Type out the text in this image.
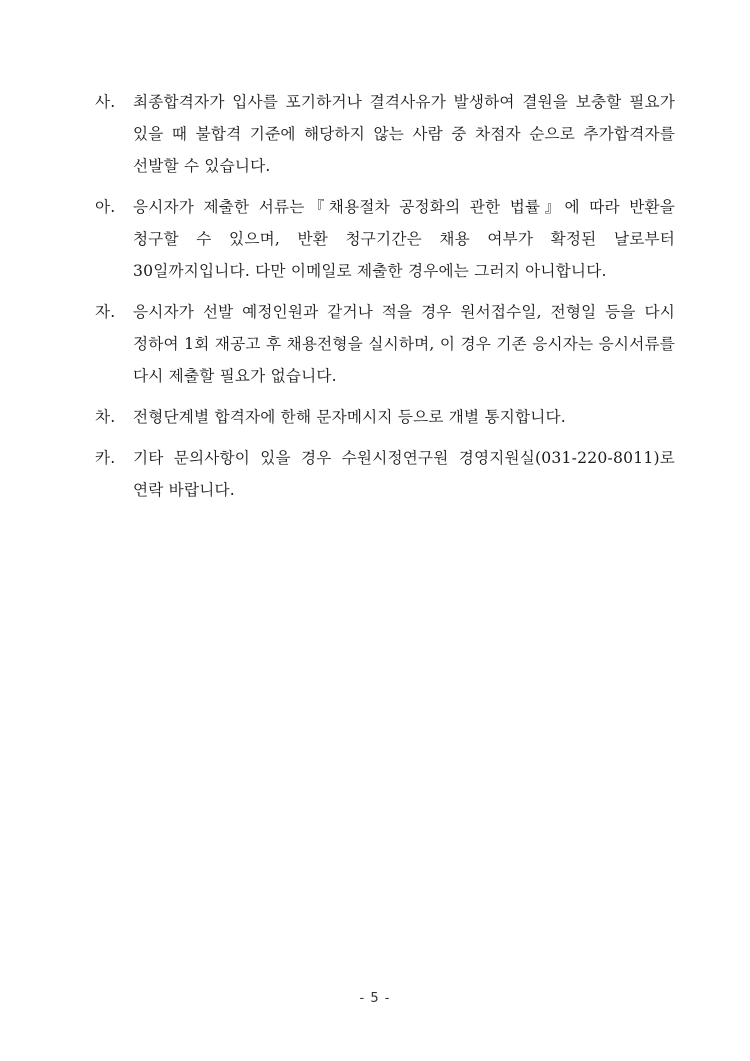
사.	최종합격자가 입사를 포기하거나 결격사유가 발생하여 결원을 보충할 필요가 있을 때 불합격 기준에 해당하지 않는 사람 중 차점자 순으로 추가합격자를 선발할 수 있습니다.
아.	응시자가 제출한 서류는『채용절차 공정화의 관한 법률』에 따라 반환을 청구할 수 있으며, 반환 청구기간은 채용 여부가 확정된 날로부터 30일까지입니다. 다만 이메일로 제출한 경우에는 그러지 아니합니다.
자.	응시자가 선발 예정인원과 같거나 적을 경우 원서접수일, 전형일 등을 다시 정하여 1회 재공고 후 채용전형을 실시하며, 이 경우 기존 응시자는 응시서류를 다시 제출할 필요가 없습니다.
차.	전형단계별 합격자에 한해 문자메시지 등으로 개별 통지합니다.
카.	기타 문의사항이 있을 경우 수원시정연구원 경영지원실(031-220-8011)로 연락 바랍니다.
- 5 -
